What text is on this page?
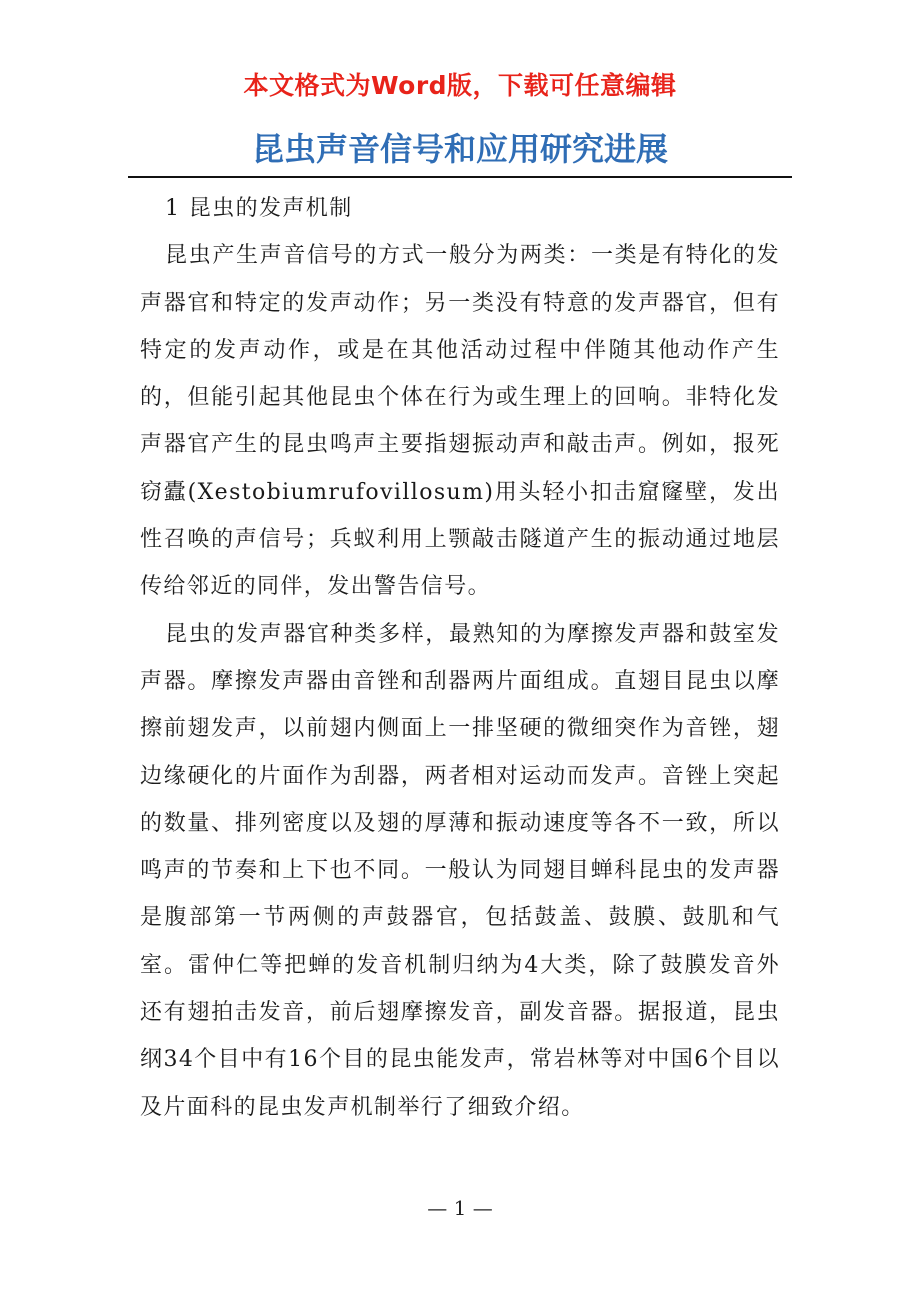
本文格式为Word版，下载可任意编辑
昆虫声音信号和应用研究进展

1 昆虫的发声机制

昆虫产生声音信号的方式一般分为两类：一类是有特化的发声器官和特定的发声动作；另一类没有特意的发声器官，但有特定的发声动作，或是在其他活动过程中伴随其他动作产生的，但能引起其他昆虫个体在行为或生理上的回响。非特化发声器官产生的昆虫鸣声主要指翅振动声和敲击声。例如，报死窃蠹(Xestobiumrufovillosum)用头轻小扣击窟窿壁，发出性召唤的声信号；兵蚁利用上颚敲击隧道产生的振动通过地层传给邻近的同伴，发出警告信号。

昆虫的发声器官种类多样，最熟知的为摩擦发声器和鼓室发声器。摩擦发声器由音锉和刮器两片面组成。直翅目昆虫以摩擦前翅发声，以前翅内侧面上一排坚硬的微细突作为音锉，翅边缘硬化的片面作为刮器，两者相对运动而发声。音锉上突起的数量、排列密度以及翅的厚薄和振动速度等各不一致，所以鸣声的节奏和上下也不同。一般认为同翅目蝉科昆虫的发声器是腹部第一节两侧的声鼓器官，包括鼓盖、鼓膜、鼓肌和气室。雷仲仁等把蝉的发音机制归纳为4大类，除了鼓膜发音外还有翅拍击发音，前后翅摩擦发音，副发音器。据报道，昆虫纲34个目中有16个目的昆虫能发声，常岩林等对中国6个目以及片面科的昆虫发声机制举行了细致介绍。

— 1 —
